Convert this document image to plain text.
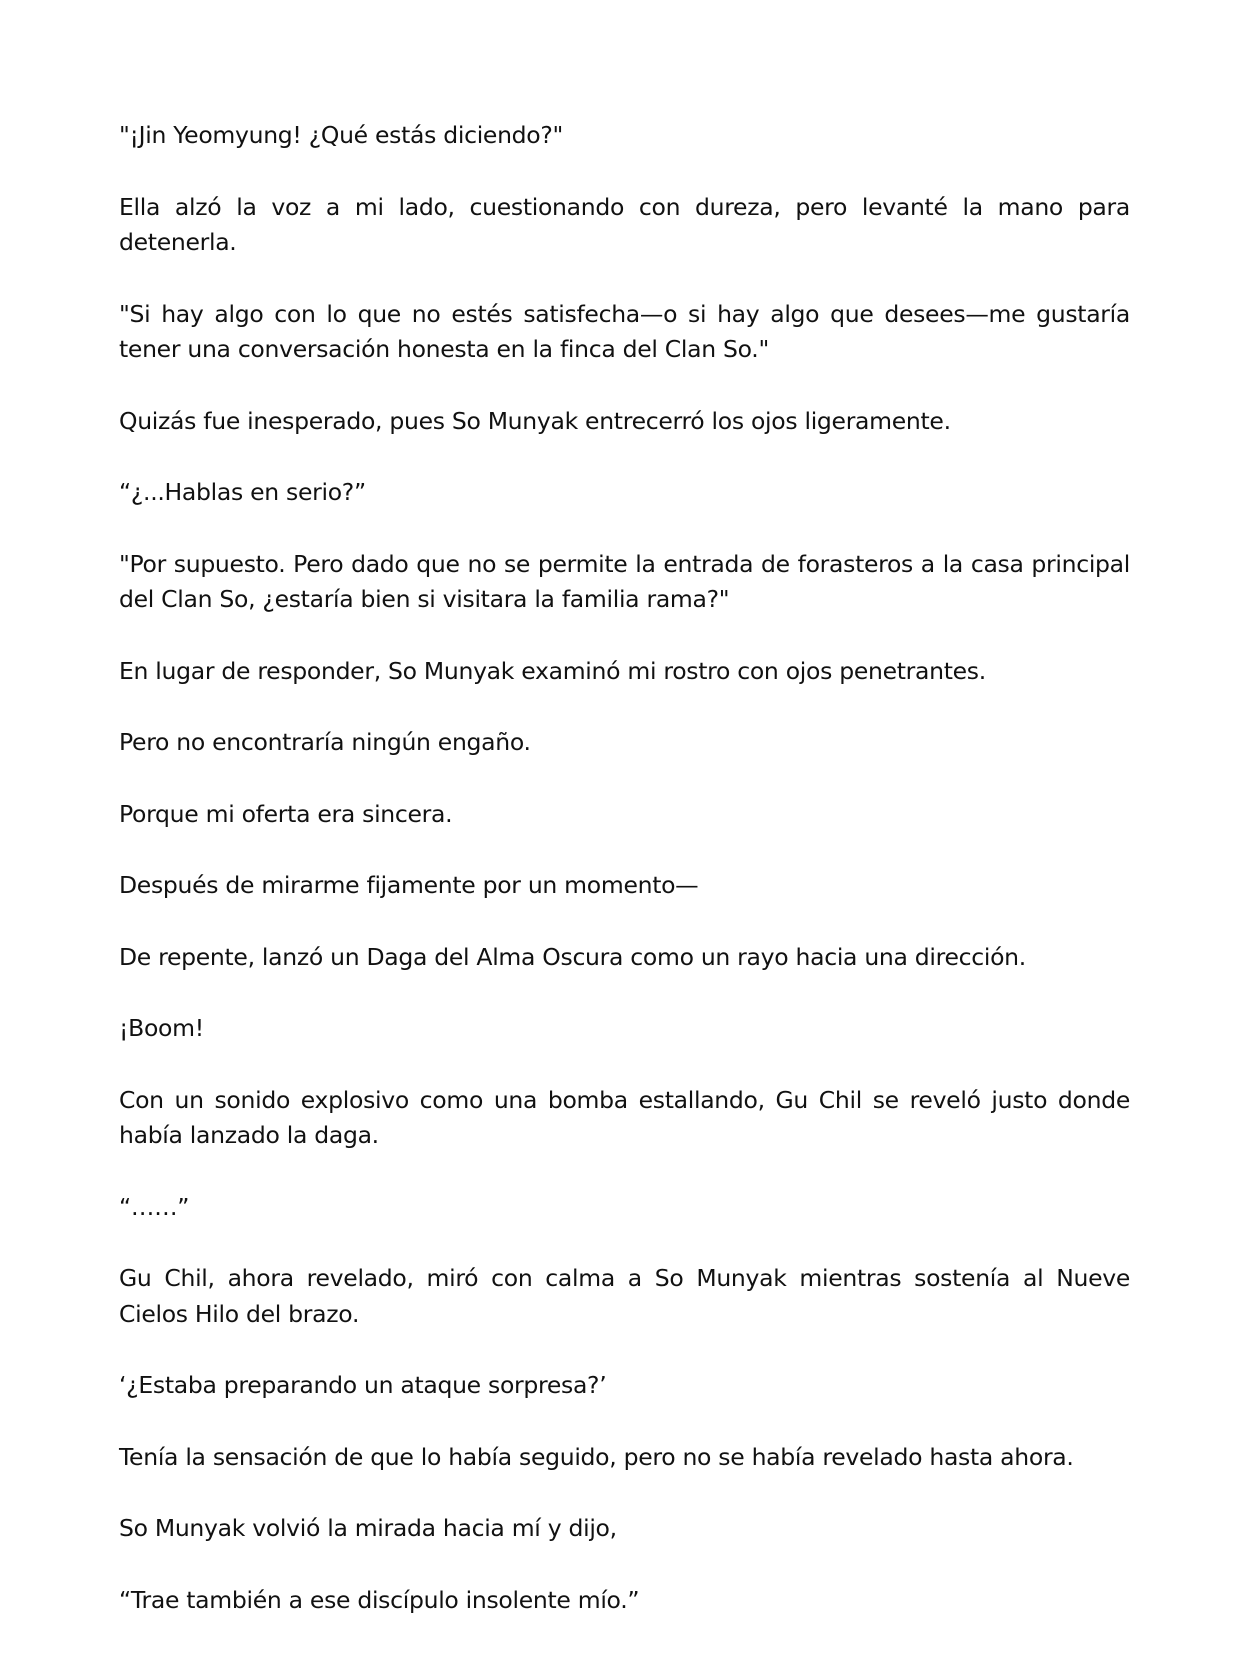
"¡Jin Yeomyung! ¿Qué estás diciendo?"

Ella alzó la voz a mi lado, cuestionando con dureza, pero levanté la mano para detenerla.

"Si hay algo con lo que no estés satisfecha—o si hay algo que desees—me gustaría tener una conversación honesta en la finca del Clan So."

Quizás fue inesperado, pues So Munyak entrecerró los ojos ligeramente.

“¿...Hablas en serio?”

"Por supuesto. Pero dado que no se permite la entrada de forasteros a la casa principal del Clan So, ¿estaría bien si visitara la familia rama?"

En lugar de responder, So Munyak examinó mi rostro con ojos penetrantes.

Pero no encontraría ningún engaño.

Porque mi oferta era sincera.

Después de mirarme fijamente por un momento—

De repente, lanzó un Daga del Alma Oscura como un rayo hacia una dirección.

¡Boom!

Con un sonido explosivo como una bomba estallando, Gu Chil se reveló justo donde había lanzado la daga.

“……”

Gu Chil, ahora revelado, miró con calma a So Munyak mientras sostenía al Nueve Cielos Hilo del brazo.

‘¿Estaba preparando un ataque sorpresa?’

Tenía la sensación de que lo había seguido, pero no se había revelado hasta ahora.

So Munyak volvió la mirada hacia mí y dijo,

“Trae también a ese discípulo insolente mío.”
